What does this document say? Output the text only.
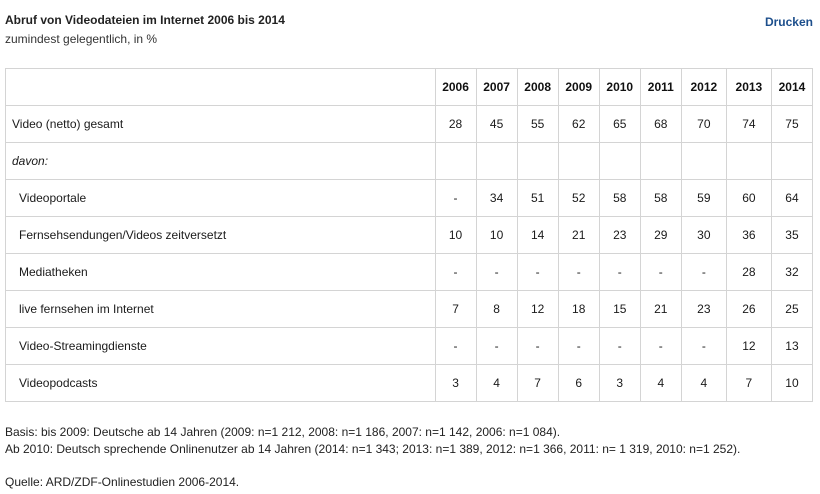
Abruf von Videodateien im Internet 2006 bis 2014
zumindest gelegentlich, in %
Drucken
	2006	2007	2008	2009	2010	2011	2012	2013	2014
Video (netto) gesamt	28	45	55	62	65	68	70	74	75
davon:									
Videoportale	-	34	51	52	58	58	59	60	64
Fernsehsendungen/Videos zeitversetzt	10	10	14	21	23	29	30	36	35
Mediatheken	-	-	-	-	-	-	-	28	32
live fernsehen im Internet	7	8	12	18	15	21	23	26	25
Video-Streamingdienste	-	-	-	-	-	-	-	12	13
Videopodcasts	3	4	7	6	3	4	4	7	10

Basis: bis 2009: Deutsche ab 14 Jahren (2009: n=1 212, 2008: n=1 186, 2007: n=1 142, 2006: n=1 084).

Ab 2010: Deutsch sprechende Onlinenutzer ab 14 Jahren (2014: n=1 343; 2013: n=1 389, 2012: n=1 366, 2011: n= 1 319, 2010: n=1 252).

Quelle: ARD/ZDF-Onlinestudien 2006-2014.
